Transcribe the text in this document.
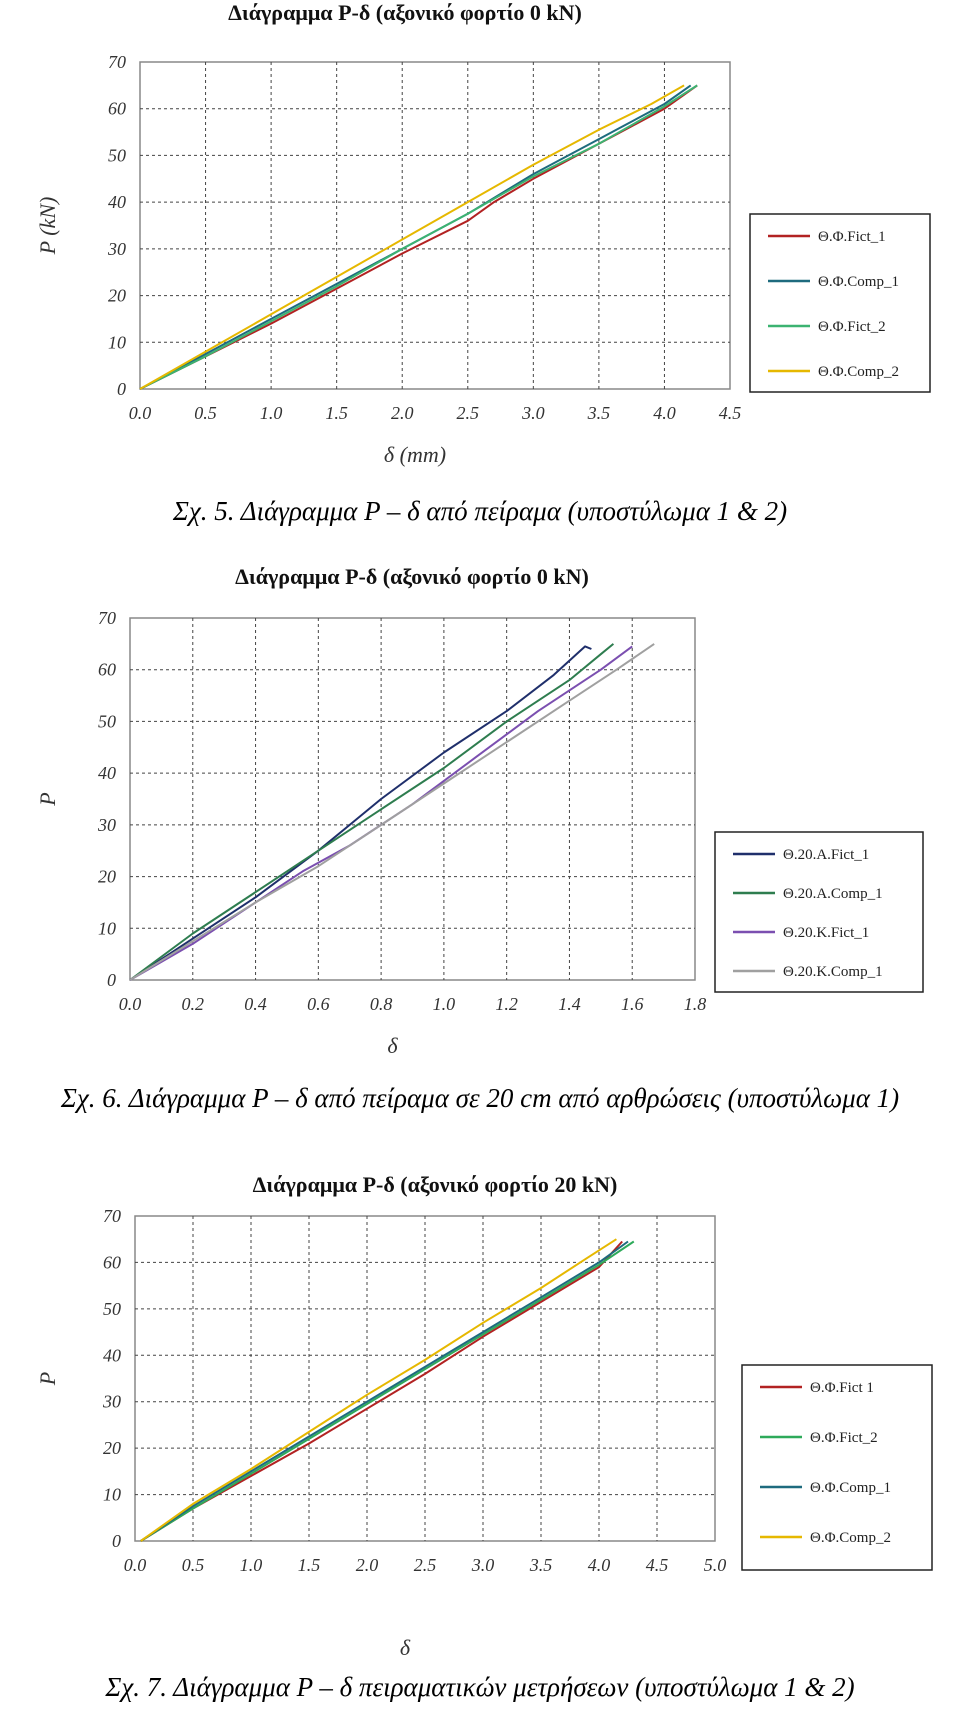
Διάγραμμα P-δ (αξονικό φορτίο 0 kN)
0.0 0.5 1.0 1.5 2.0 2.5 3.0 3.5 4.0 4.5
0
10
20
30
40
50
60
70
δ (mm)
P (kN)	Θ.Φ.Fict_1
Θ.Φ.Comp_1
Θ.Φ.Fict_2
Θ.Φ.Comp_2
Σχ. 5. Διάγραμμα P – δ από πείραμα (υποστύλωμα 1 & 2)
Διάγραμμα P-δ (αξονικό φορτίο 0 kN)
0.0 0.2 0.4 0.6 0.8 1.0 1.2 1.4 1.6 1.8
0
10
20
30
40
50
60
70
δ
P
Θ.20.A.Fict_1
Θ.20.A.Comp_1
Θ.20.K.Fict_1
Θ.20.K.Comp_1
Σχ. 6. Διάγραμμα P – δ από πείραμα σε 20 cm από αρθρώσεις (υποστύλωμα 1)
Διάγραμμα P-δ (αξονικό φορτίο 20 kN)
0.0 0.5 1.0 1.5 2.0 2.5 3.0 3.5 4.0 4.5 5.0
0
10
20
30
40
50
60
70
δ
P
Θ.Φ.Fict 1
Θ.Φ.Fict_2
Θ.Φ.Comp_1
Θ.Φ.Comp_2
Σχ. 7. Διάγραμμα P – δ πειραματικών μετρήσεων (υποστύλωμα 1 & 2)
